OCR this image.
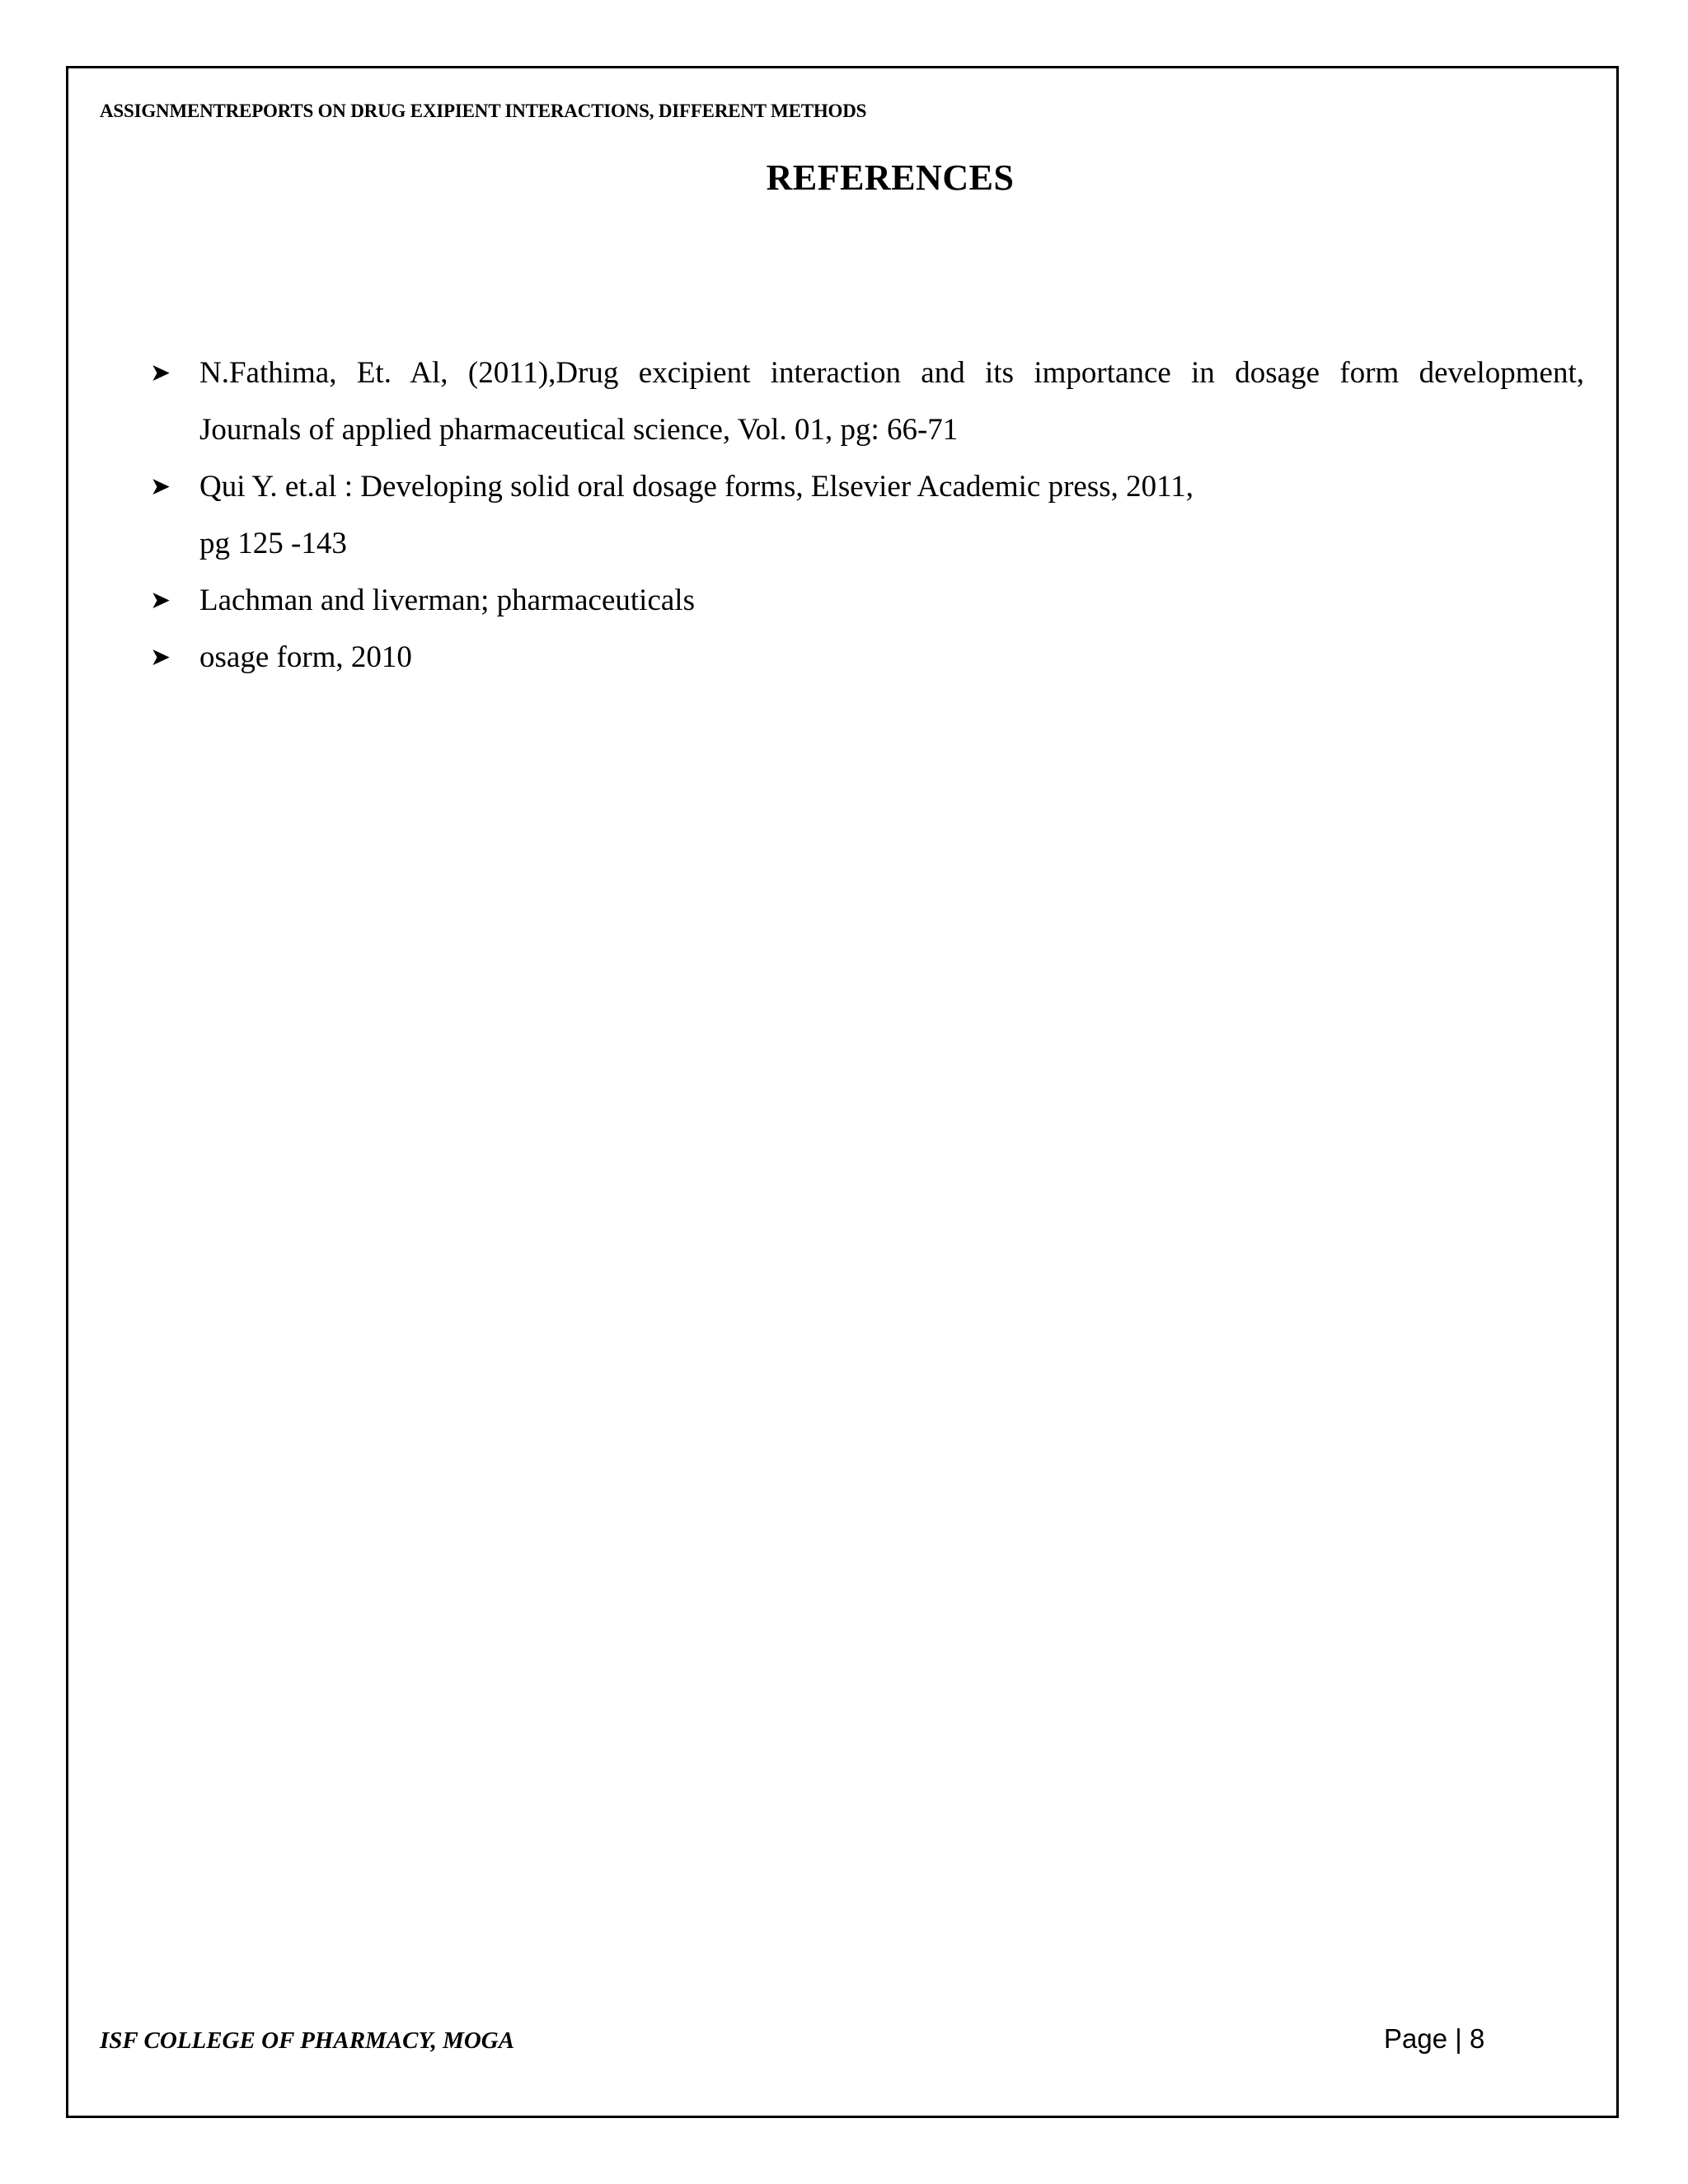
ASSIGNMENTREPORTS ON DRUG EXIPIENT INTERACTIONS, DIFFERENT METHODS
REFERENCES
➤ N.Fathima, Et. Al, (2011),Drug excipient interaction and its importance in dosage form development,
Journals of applied pharmaceutical science, Vol. 01, pg: 66-71
➤ Qui Y. et.al : Developing solid oral dosage forms, Elsevier Academic press, 2011,
pg 125 -143
➤ Lachman and liverman; pharmaceuticals
➤ osage form, 2010
ISF COLLEGE OF PHARMACY, MOGA	Page | 8
